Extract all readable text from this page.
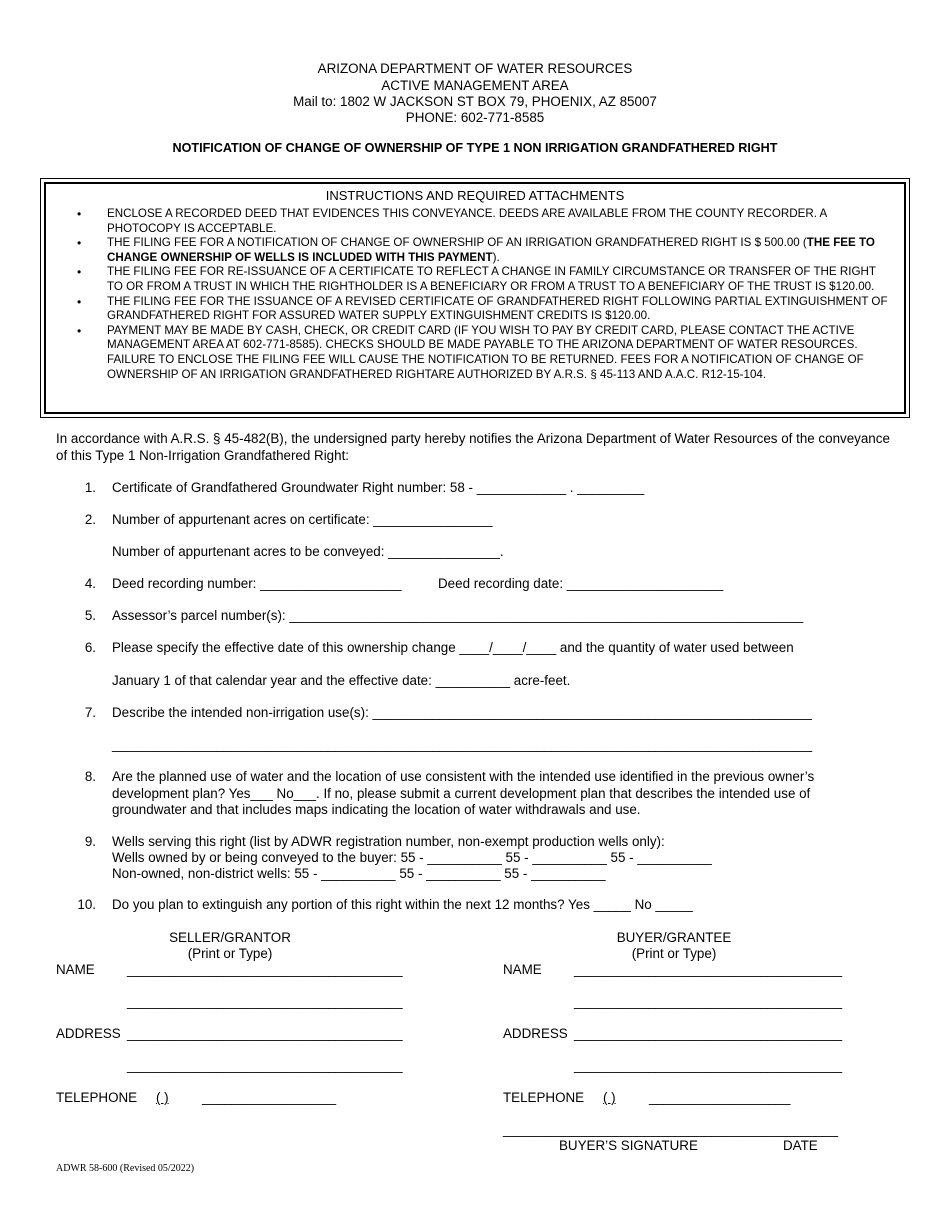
ARIZONA DEPARTMENT OF WATER RESOURCES
ACTIVE MANAGEMENT AREA
Mail to: 1802 W JACKSON ST BOX 79, PHOENIX, AZ 85007
PHONE: 602-771-8585
NOTIFICATION OF CHANGE OF OWNERSHIP OF TYPE 1 NON IRRIGATION GRANDFATHERED RIGHT
INSTRUCTIONS AND REQUIRED ATTACHMENTS
• ENCLOSE A RECORDED DEED THAT EVIDENCES THIS CONVEYANCE. DEEDS ARE AVAILABLE FROM THE COUNTY RECORDER. A PHOTOCOPY IS ACCEPTABLE.
• THE FILING FEE FOR A NOTIFICATION OF CHANGE OF OWNERSHIP OF AN IRRIGATION GRANDFATHERED RIGHT IS $ 500.00 (THE FEE TO CHANGE OWNERSHIP OF WELLS IS INCLUDED WITH THIS PAYMENT).
• THE FILING FEE FOR RE-ISSUANCE OF A CERTIFICATE TO REFLECT A CHANGE IN FAMILY CIRCUMSTANCE OR TRANSFER OF THE RIGHT TO OR FROM A TRUST IN WHICH THE RIGHTHOLDER IS A BENEFICIARY OR FROM A TRUST TO A BENEFICIARY OF THE TRUST IS $120.00.
• THE FILING FEE FOR THE ISSUANCE OF A REVISED CERTIFICATE OF GRANDFATHERED RIGHT FOLLOWING PARTIAL EXTINGUISHMENT OF GRANDFATHERED RIGHT FOR ASSURED WATER SUPPLY EXTINGUISHMENT CREDITS IS $120.00.
• PAYMENT MAY BE MADE BY CASH, CHECK, OR CREDIT CARD (IF YOU WISH TO PAY BY CREDIT CARD, PLEASE CONTACT THE ACTIVE MANAGEMENT AREA AT 602-771-8585). CHECKS SHOULD BE MADE PAYABLE TO THE ARIZONA DEPARTMENT OF WATER RESOURCES. FAILURE TO ENCLOSE THE FILING FEE WILL CAUSE THE NOTIFICATION TO BE RETURNED. FEES FOR A NOTIFICATION OF CHANGE OF OWNERSHIP OF AN IRRIGATION GRANDFATHERED RIGHTARE AUTHORIZED BY A.R.S. § 45-113 AND A.A.C. R12-15-104.
In accordance with A.R.S. § 45-482(B), the undersigned party hereby notifies the Arizona Department of Water Resources of the conveyance of this Type 1 Non-Irrigation Grandfathered Right:
1. Certificate of Grandfathered Groundwater Right number: 58 - ____________ . _________
2. Number of appurtenant acres on certificate: ________________
Number of appurtenant acres to be conveyed: _______________.
4. Deed recording number: ___________________	Deed recording date: _____________________
5. Assessor’s parcel number(s): _____________________________________________________________________
6. Please specify the effective date of this ownership change ____/____/____ and the quantity of water used between
January 1 of that calendar year and the effective date: __________ acre-feet.
7. Describe the intended non-irrigation use(s): ___________________________________________________________
______________________________________________________________________________________________
8. Are the planned use of water and the location of use consistent with the intended use identified in the previous owner’s development plan? Yes___ No___. If no, please submit a current development plan that describes the intended use of groundwater and that includes maps indicating the location of water withdrawals and use.
9. Wells serving this right (list by ADWR registration number, non-exempt production wells only):
Wells owned by or being conveyed to the buyer: 55 - __________ 55 - __________ 55 - __________
Non-owned, non-district wells: 55 - __________ 55 - __________ 55 - __________
10. Do you plan to extinguish any portion of this right within the next 12 months? Yes _____ No _____
SELLER/GRANTOR
(Print or Type)
NAME _____________________________________
_____________________________________
ADDRESS _____________________________________
_____________________________________
TELEPHONE ( ) __________________
BUYER/GRANTEE
(Print or Type)
NAME ____________________________________
____________________________________
ADDRESS ____________________________________
____________________________________
TELEPHONE ( ) ___________________
_____________________________________________
BUYER’S SIGNATURE	DATE
ADWR 58-600 (Revised 05/2022)
